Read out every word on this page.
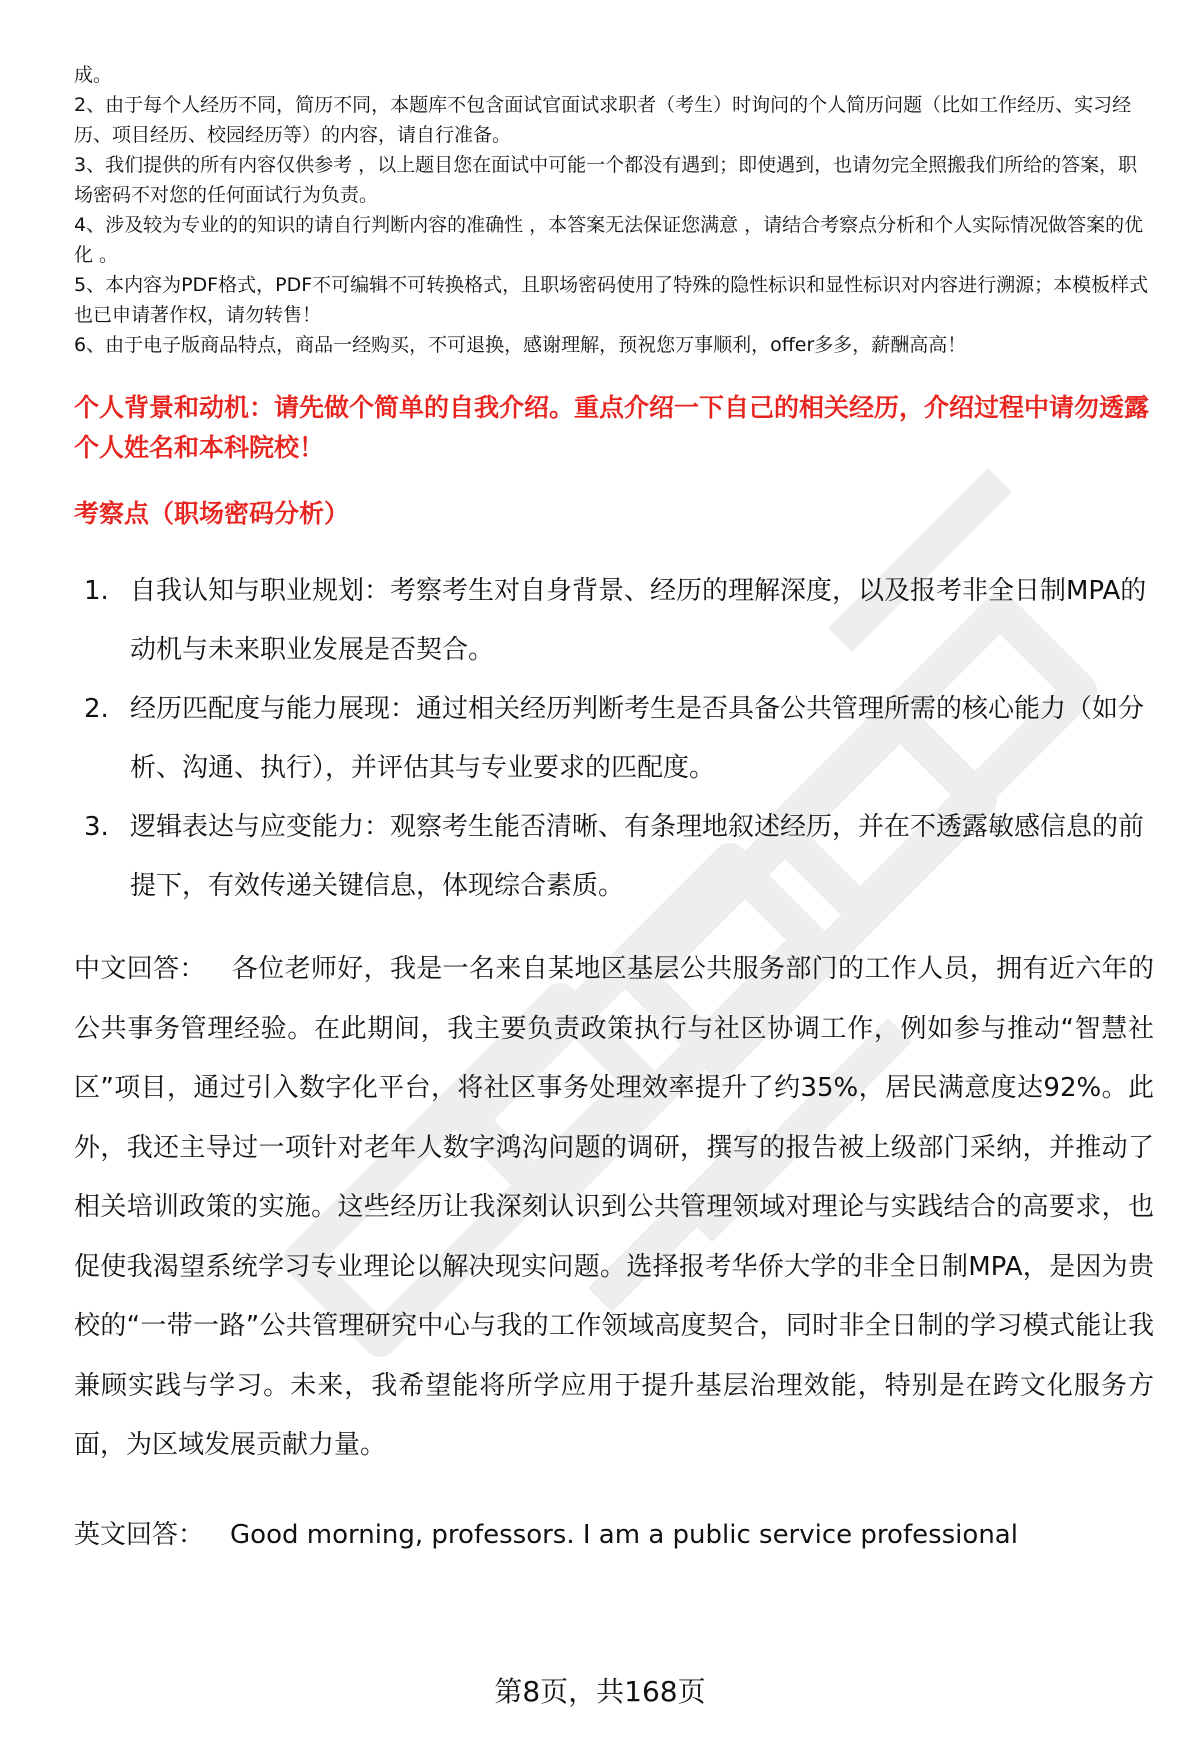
成。
2、由于每个人经历不同，简历不同，本题库不包含面试官面试求职者（考生）时询问的个人简历问题（比如工作经历、实习经历、项目经历、校园经历等）的内容，请自行准备。
3、我们提供的所有内容仅供参考 ，以上题目您在面试中可能一个都没有遇到；即使遇到，也请勿完全照搬我们所给的答案，职场密码不对您的任何面试行为负责。
4、涉及较为专业的的知识的请自行判断内容的准确性 ，本答案无法保证您满意 ，请结合考察点分析和个人实际情况做答案的优化 。
5、本内容为PDF格式，PDF不可编辑不可转换格式，且职场密码使用了特殊的隐性标识和显性标识对内容进行溯源；本模板样式也已申请著作权，请勿转售！
6、由于电子版商品特点，商品一经购买，不可退换，感谢理解，预祝您万事顺利，offer多多，薪酬高高！

个人背景和动机：请先做个简单的自我介绍。重点介绍一下自己的相关经历，介绍过程中请勿透露个人姓名和本科院校！

考察点（职场密码分析）

1. 自我认知与职业规划：考察考生对自身背景、经历的理解深度，以及报考非全日制MPA的动机与未来职业发展是否契合。
2. 经历匹配度与能力展现：通过相关经历判断考生是否具备公共管理所需的核心能力（如分析、沟通、执行），并评估其与专业要求的匹配度。
3. 逻辑表达与应变能力：观察考生能否清晰、有条理地叙述经历，并在不透露敏感信息的前提下，有效传递关键信息，体现综合素质。

中文回答： 各位老师好，我是一名来自某地区基层公共服务部门的工作人员，拥有近六年的公共事务管理经验。在此期间，我主要负责政策执行与社区协调工作，例如参与推动“智慧社区”项目，通过引入数字化平台，将社区事务处理效率提升了约35%，居民满意度达92%。此外，我还主导过一项针对老年人数字鸿沟问题的调研，撰写的报告被上级部门采纳，并推动了相关培训政策的实施。这些经历让我深刻认识到公共管理领域对理论与实践结合的高要求，也促使我渴望系统学习专业理论以解决现实问题。选择报考华侨大学的非全日制MPA，是因为贵校的“一带一路”公共管理研究中心与我的工作领域高度契合，同时非全日制的学习模式能让我兼顾实践与学习。未来，我希望能将所学应用于提升基层治理效能，特别是在跨文化服务方面，为区域发展贡献力量。

英文回答： Good morning, professors. I am a public service professional

第8页，共168页
